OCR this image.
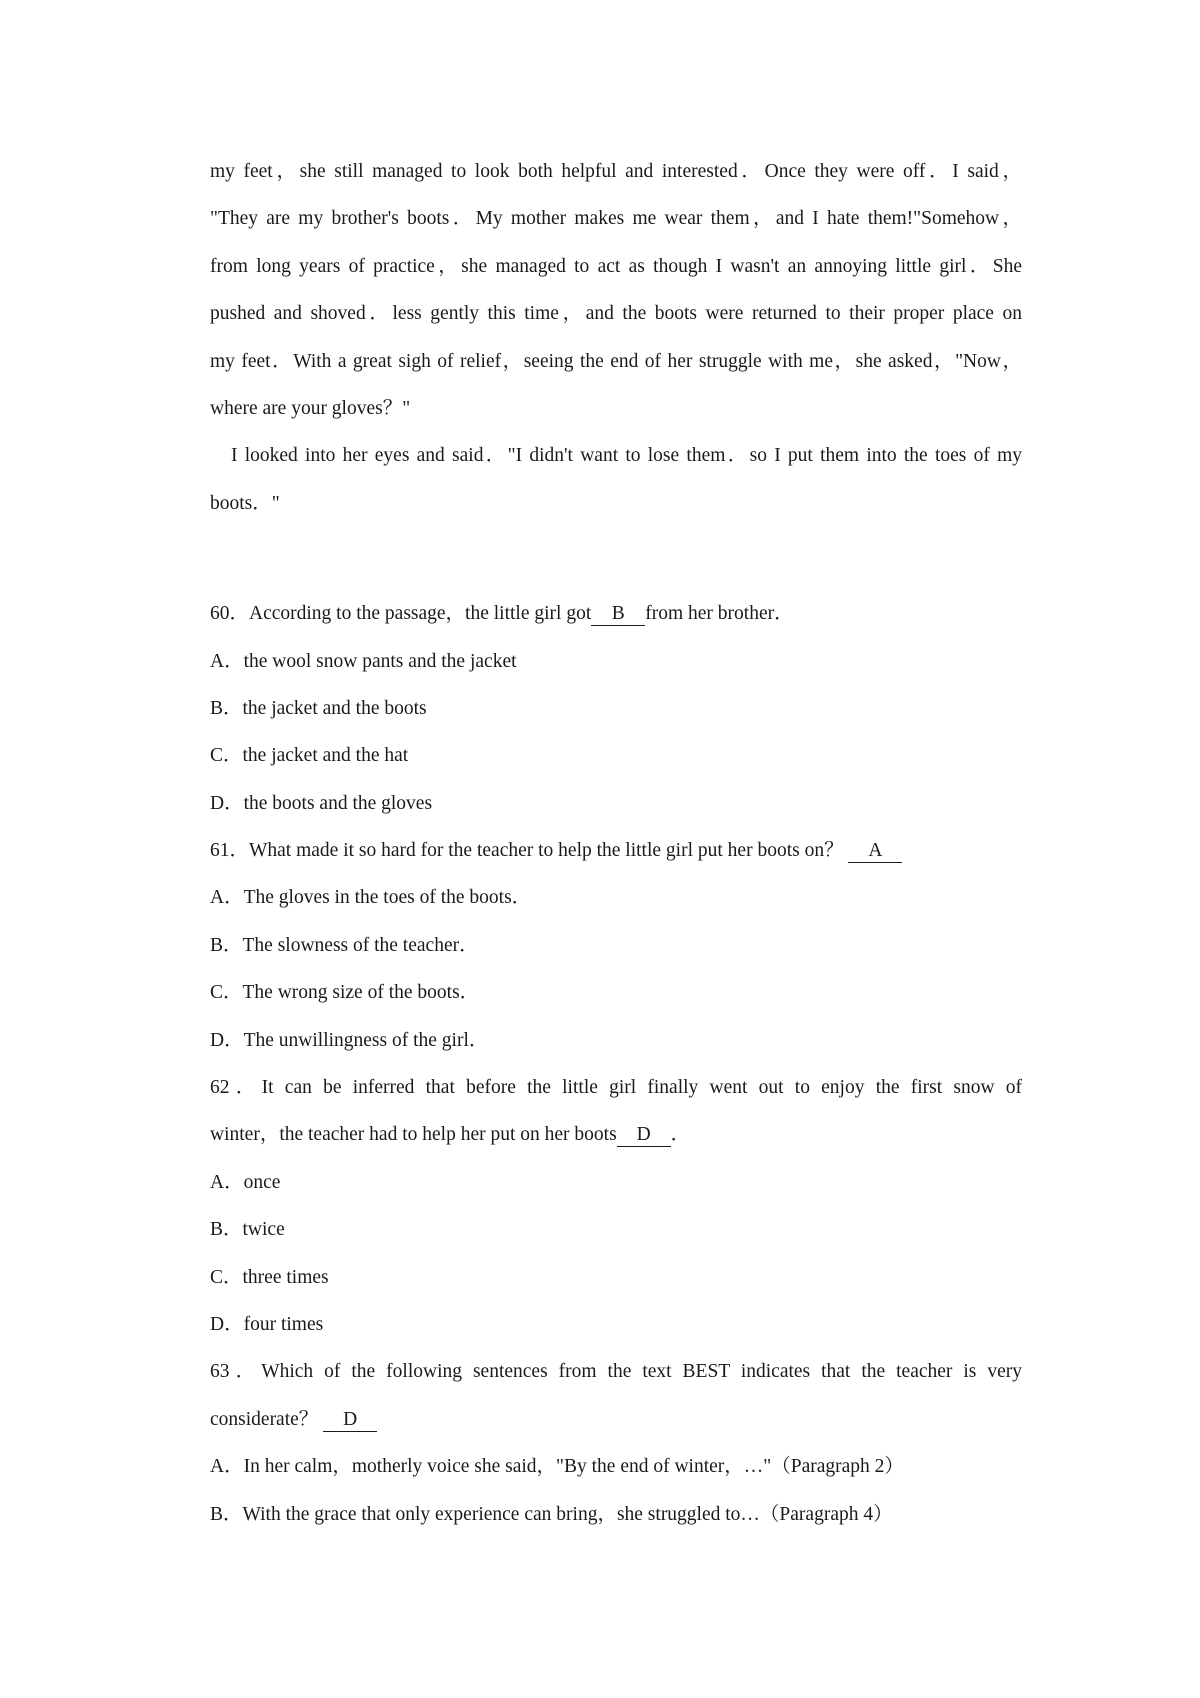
my feet，she still managed to look both helpful and interested．Once they were off．I said，
"They are my brother's boots．My mother makes me wear them，and I hate them!"Somehow，
from long years of practice，she managed to act as though I wasn't an annoying little girl．She
pushed and shoved．less gently this time，and the boots were returned to their proper place on
my feet．With a great sigh of relief，seeing the end of her struggle with me，she asked，"Now，
where are your gloves？"
I looked into her eyes and said．"I didn't want to lose them．so I put them into the toes of my
boots．"
60．According to the passage，the little girl got B from her brother．
A．the wool snow pants and the jacket
B．the jacket and the boots
C．the jacket and the hat
D．the boots and the gloves
61．What made it so hard for the teacher to help the little girl put her boots on？ A
A．The gloves in the toes of the boots．
B．The slowness of the teacher．
C．The wrong size of the boots．
D．The unwillingness of the girl．
62．It can be inferred that before the little girl finally went out to enjoy the first snow of
winter，the teacher had to help her put on her boots D ．
A．once
B．twice
C．three times
D．four times
63．Which of the following sentences from the text BEST indicates that the teacher is very
considerate？ D
A．In her calm，motherly voice she said，"By the end of winter，…"（Paragraph 2）
B．With the grace that only experience can bring，she struggled to…（Paragraph 4）
